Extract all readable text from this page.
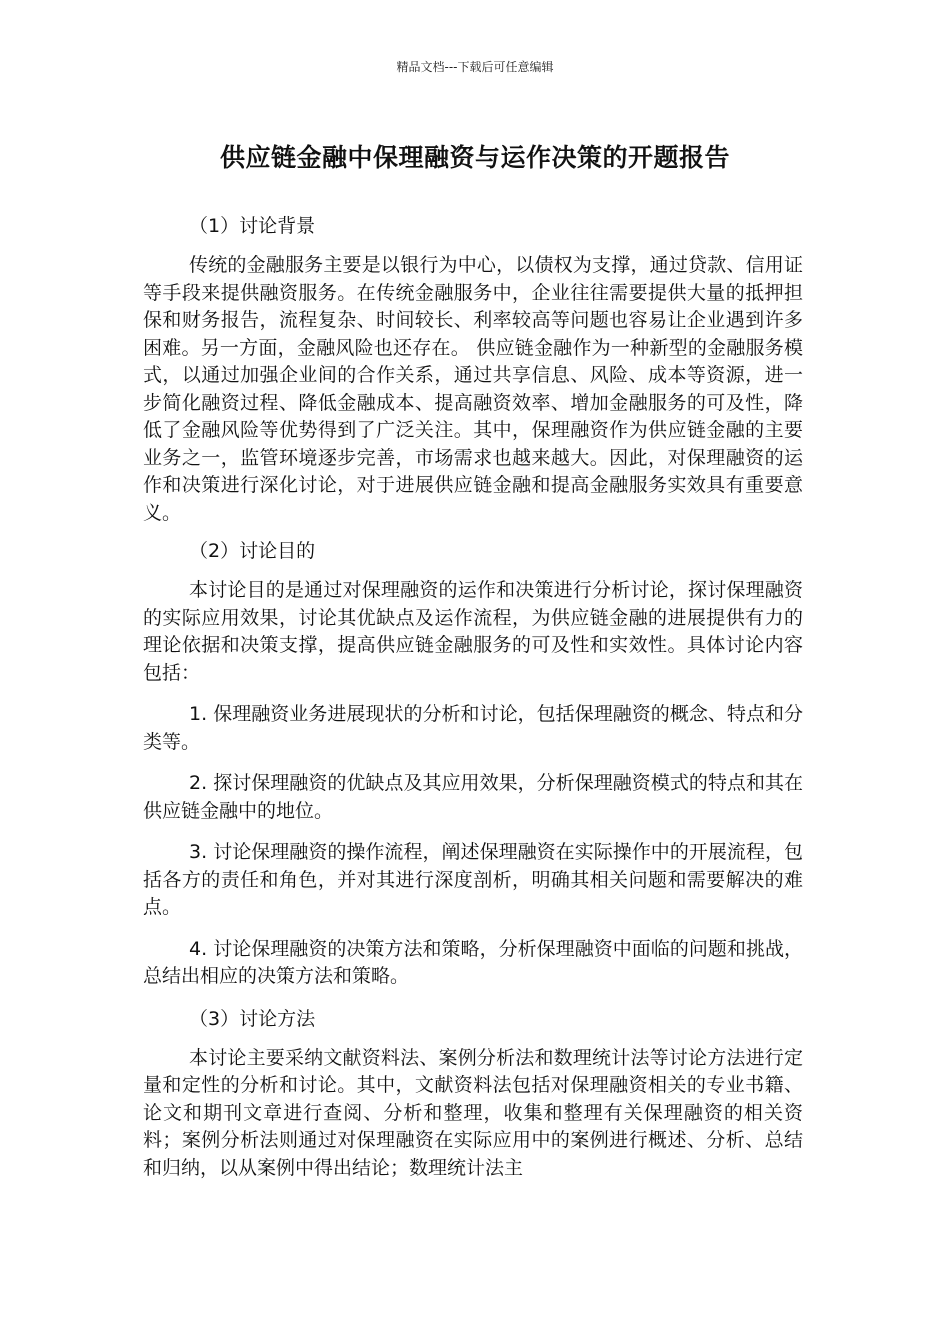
精品文档---下载后可任意编辑
供应链金融中保理融资与运作决策的开题报告
（1）讨论背景

传统的金融服务主要是以银行为中心，以债权为支撑，通过贷款、信用证等手段来提供融资服务。在传统金融服务中，企业往往需要提供大量的抵押担保和财务报告，流程复杂、时间较长、利率较高等问题也容易让企业遇到许多困难。另一方面，金融风险也还存在。 供应链金融作为一种新型的金融服务模式，以通过加强企业间的合作关系，通过共享信息、风险、成本等资源，进一步简化融资过程、降低金融成本、提高融资效率、增加金融服务的可及性，降低了金融风险等优势得到了广泛关注。其中，保理融资作为供应链金融的主要业务之一，监管环境逐步完善，市场需求也越来越大。因此，对保理融资的运作和决策进行深化讨论，对于进展供应链金融和提高金融服务实效具有重要意义。

（2）讨论目的

本讨论目的是通过对保理融资的运作和决策进行分析讨论，探讨保理融资的实际应用效果，讨论其优缺点及运作流程，为供应链金融的进展提供有力的理论依据和决策支撑，提高供应链金融服务的可及性和实效性。具体讨论内容包括：

1. 保理融资业务进展现状的分析和讨论，包括保理融资的概念、特点和分类等。

2. 探讨保理融资的优缺点及其应用效果，分析保理融资模式的特点和其在供应链金融中的地位。

3. 讨论保理融资的操作流程，阐述保理融资在实际操作中的开展流程，包括各方的责任和角色，并对其进行深度剖析，明确其相关问题和需要解决的难点。

4. 讨论保理融资的决策方法和策略，分析保理融资中面临的问题和挑战，总结出相应的决策方法和策略。

（3）讨论方法

本讨论主要采纳文献资料法、案例分析法和数理统计法等讨论方法进行定量和定性的分析和讨论。其中，文献资料法包括对保理融资相关的专业书籍、论文和期刊文章进行查阅、分析和整理，收集和整理有关保理融资的相关资料；案例分析法则通过对保理融资在实际应用中的案例进行概述、分析、总结和归纳，以从案例中得出结论；数理统计法主
